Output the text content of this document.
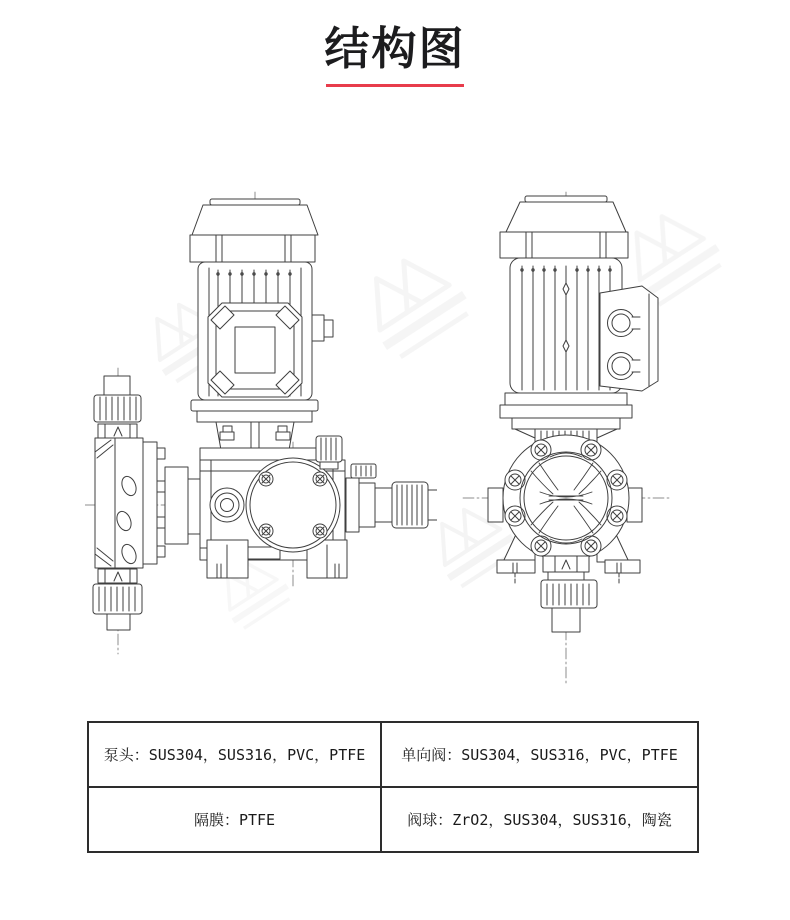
结构图
泵头：SUS304，SUS316，PVC，PTFE	单向阀：SUS304，SUS316，PVC，PTFE
隔膜：PTFE	阀球：ZrO2，SUS304，SUS316，陶瓷
